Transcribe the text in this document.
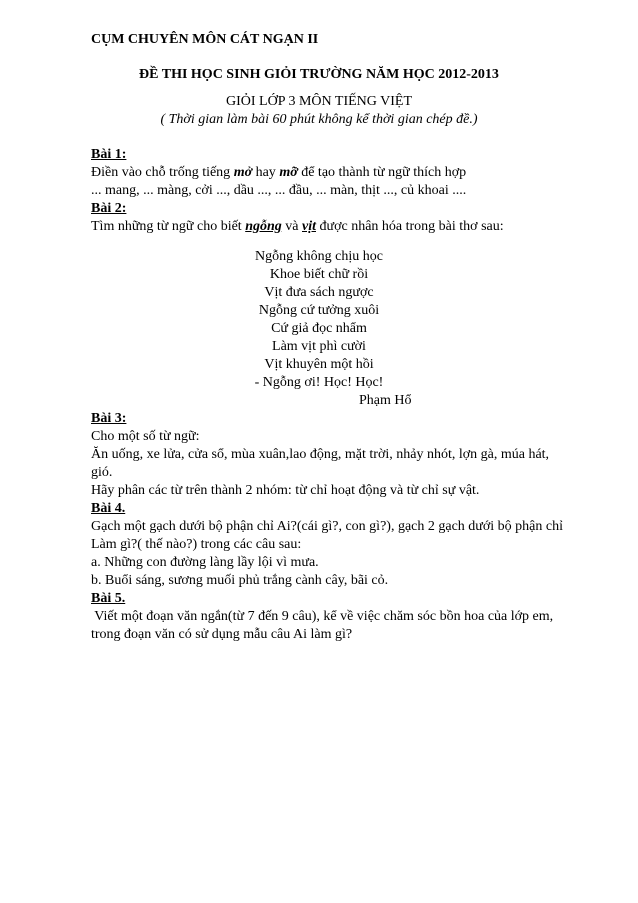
CỤM CHUYÊN MÔN CÁT NGẠN II
ĐỀ THI HỌC SINH GIỎI TRƯỜNG NĂM HỌC 2012-2013
GIỎI LỚP 3 MÔN TIẾNG VIỆT
( Thời gian làm bài 60 phút không kể thời gian chép đề.)
Bài 1:
Điền vào chỗ trống tiếng mở hay mỡ để tạo thành từ ngữ thích hợp
... mang, ... màng, cởi ..., dầu ..., ... đầu, ... màn, thịt ..., củ khoai ....
Bài 2:
Tìm những từ ngữ cho biết ngỗng và vịt được nhân hóa trong bài thơ sau:
Ngỗng không chịu học
Khoe biết chữ rồi
Vịt đưa sách ngược
Ngỗng cứ tưởng xuôi
Cứ giả đọc nhẩm
Làm vịt phì cười
Vịt khuyên một hồi
- Ngỗng ơi! Học! Học!
Phạm Hổ
Bài 3:
Cho một số từ ngữ:
Ăn uống, xe lửa, cửa sổ, mùa xuân,lao động, mặt trời, nhảy nhót, lợn gà, múa hát,
gió.
Hãy phân các từ trên thành 2 nhóm: từ chỉ hoạt động và từ chỉ sự vật.
Bài 4.
Gạch một gạch dưới bộ phận chỉ Ai?(cái gì?, con gì?), gạch 2 gạch dưới bộ phận chỉ
Làm gì?( thế nào?) trong các câu sau:
a. Những con đường làng lầy lội vì mưa.
b. Buổi sáng, sương muối phủ trắng cành cây, bãi cỏ.
Bài 5.
Viết một đoạn văn ngắn(từ 7 đến 9 câu), kể về việc chăm sóc bồn hoa của lớp em,
trong đoạn văn có sử dụng mẫu câu Ai làm gì?
